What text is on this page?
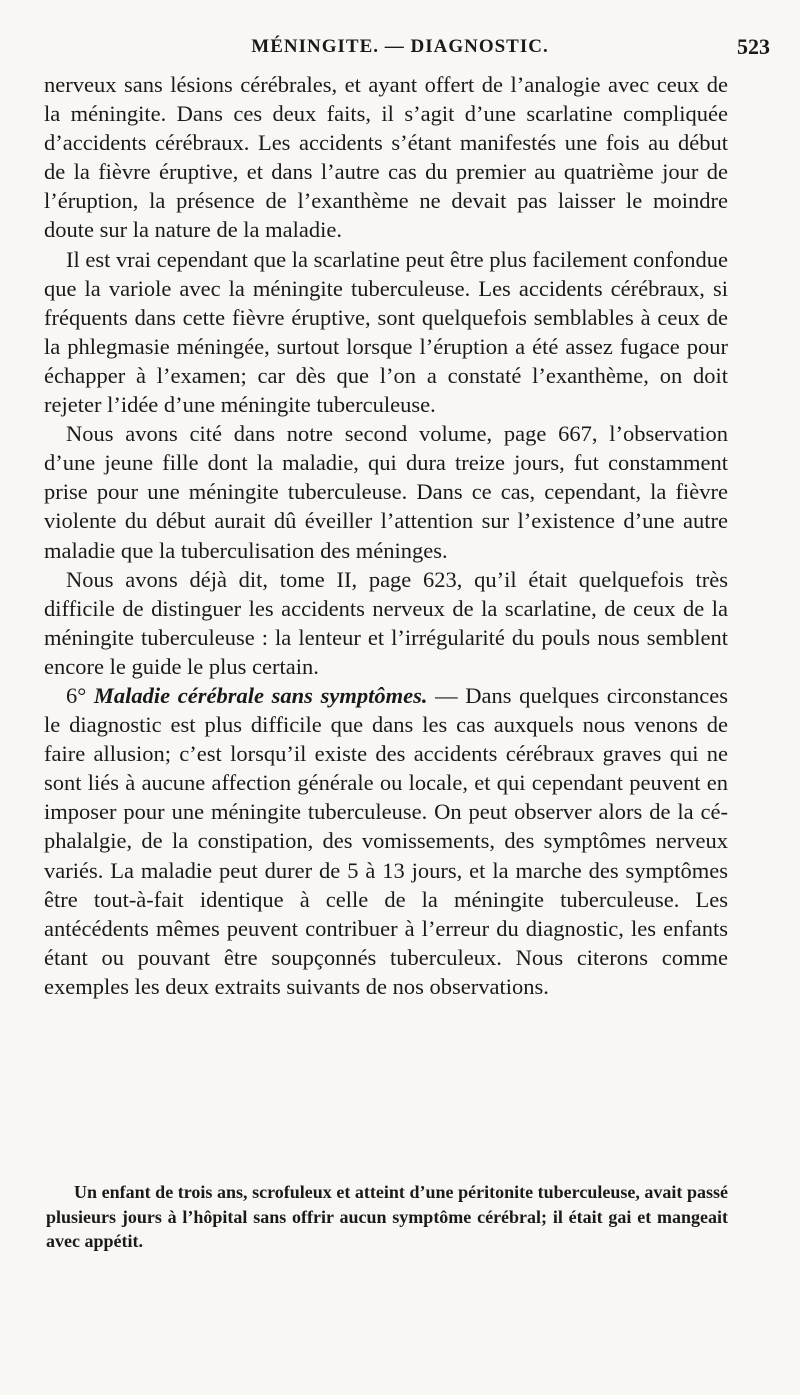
MÉNINGITE. — DIAGNOSTIC.	523

nerveux sans lésions cérébrales, et ayant offert de l’analogie avec ceux de la méningite. Dans ces deux faits, il s’agit d’une scarlatine compliquée d’accidents cérébraux. Les accidents s’étant manifestés une fois au début de la fièvre éruptive, et dans l’autre cas du premier au quatrième jour de l’éruption, la présence de l’exanthème ne devait pas laisser le moindre doute sur la nature de la maladie.

Il est vrai cependant que la scarlatine peut être plus facilement confondue que la variole avec la méningite tuberculeuse. Les accidents cérébraux, si fréquents dans cette fièvre éruptive, sont quelquefois semblables à ceux de la phlegmasie méningée, surtout lorsque l’éruption a été assez fugace pour échapper à l’examen; car dès que l’on a constaté l’exanthème, on doit rejeter l’idée d’une méningite tuberculeuse.

Nous avons cité dans notre second volume, page 667, l’observation d’une jeune fille dont la maladie, qui dura treize jours, fut constamment prise pour une méningite tuberculeuse. Dans ce cas, cependant, la fièvre violente du début aurait dû éveiller l’attention sur l’existence d’une autre maladie que la tuberculisation des méninges.

Nous avons déjà dit, tome II, page 623, qu’il était quelquefois très difficile de distinguer les accidents nerveux de la scarlatine, de ceux de la méningite tuberculeuse : la lenteur et l’irrégularité du pouls nous semblent encore le guide le plus certain.

6° Maladie cérébrale sans symptômes. — Dans quelques circonstances le diagnostic est plus difficile que dans les cas auxquels nous venons de faire allusion; c’est lorsqu’il existe des accidents cérébraux graves qui ne sont liés à aucune affection générale ou locale, et qui cependant peuvent en imposer pour une méningite tuberculeuse. On peut observer alors de la céphalalgie, de la constipation, des vomissements, des symptômes nerveux variés. La maladie peut durer de 5 à 13 jours, et la marche des symptômes être tout-à-fait identique à celle de la méningite tuberculeuse. Les antécédents mêmes peuvent contribuer à l’erreur du diagnostic, les enfants étant ou pouvant être soupçonnés tuberculeux. Nous citerons comme exemples les deux extraits suivants de nos observations.

Un enfant de trois ans, scrofuleux et atteint d’une péritonite tuberculeuse, avait passé plusieurs jours à l’hôpital sans offrir aucun symptôme cérébral; il était gai et mangeait avec appétit.
